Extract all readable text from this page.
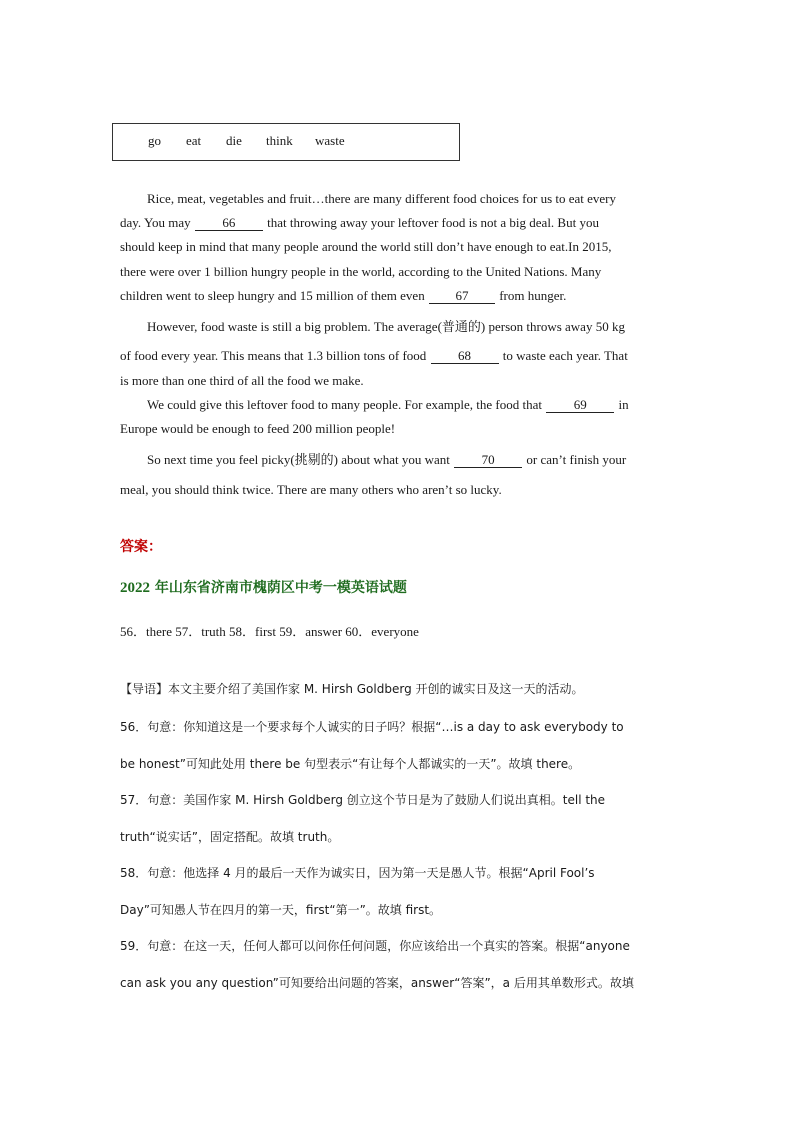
go eat die think waste
Rice, meat, vegetables and fruit…there are many different food choices for us to eat every
day. You may 66 that throwing away your leftover food is not a big deal. But you
should keep in mind that many people around the world still don’t have enough to eat.In 2015,
there were over 1 billion hungry people in the world, according to the United Nations. Many
children went to sleep hungry and 15 million of them even 67 from hunger.
However, food waste is still a big problem. The average(普通的) person throws away 50 kg
of food every year. This means that 1.3 billion tons of food 68 to waste each year. That
is more than one third of all the food we make.
We could give this leftover food to many people. For example, the food that 69 in
Europe would be enough to feed 200 million people!
So next time you feel picky(挑剔的) about what you want 70 or can’t finish your
meal, you should think twice. There are many others who aren’t so lucky.
答案：
2022 年山东省济南市槐荫区中考一模英语试题
56．there 57．truth 58．first 59．answer 60．everyone
【导语】本文主要介绍了美国作家 M. Hirsh Goldberg 开创的诚实日及这一天的活动。
56．句意：你知道这是一个要求每个人诚实的日子吗？根据“…is a day to ask everybody to
be honest”可知此处用 there be 句型表示“有让每个人都诚实的一天”。故填 there。
57．句意：美国作家 M. Hirsh Goldberg 创立这个节日是为了鼓励人们说出真相。tell the
truth“说实话”，固定搭配。故填 truth。
58．句意：他选择 4 月的最后一天作为诚实日，因为第一天是愚人节。根据“April Fool’s
Day”可知愚人节在四月的第一天，first“第一”。故填 first。
59．句意：在这一天，任何人都可以问你任何问题，你应该给出一个真实的答案。根据“anyone
can ask you any question”可知要给出问题的答案，answer“答案”，a 后用其单数形式。故填
